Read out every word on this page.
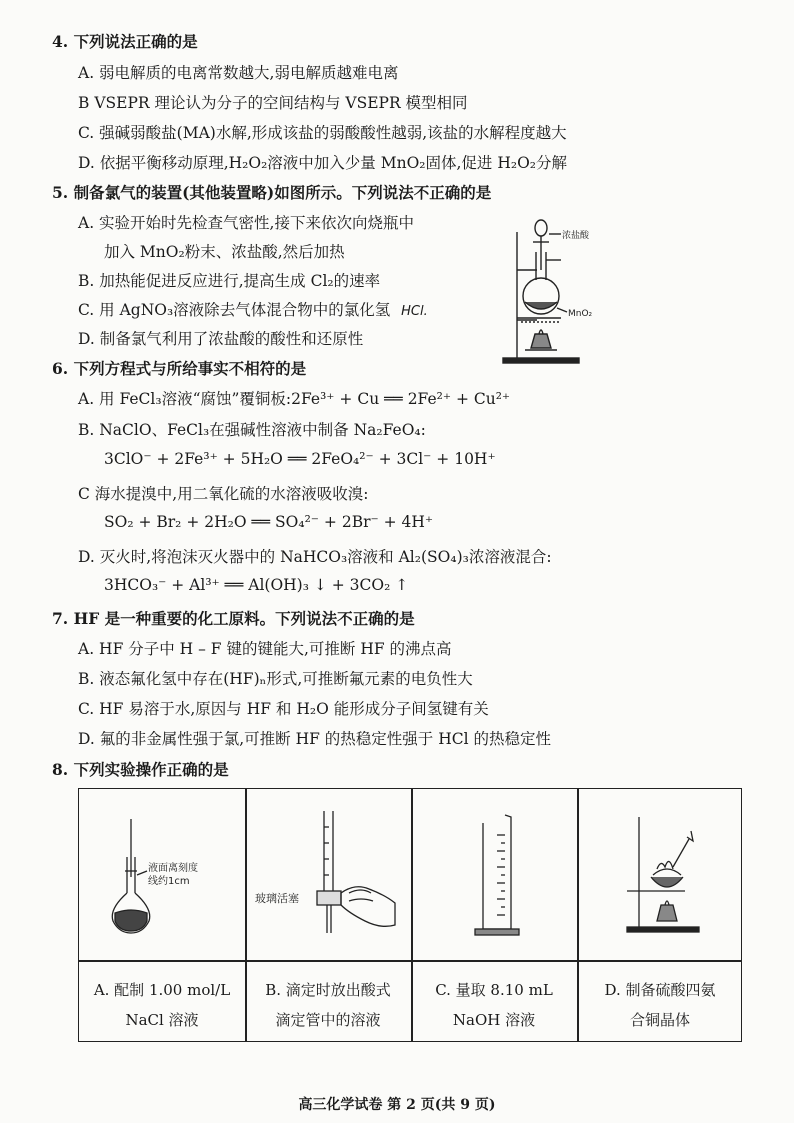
4. 下列说法正确的是
A. 弱电解质的电离常数越大,弱电解质越难电离
B VSEPR 理论认为分子的空间结构与 VSEPR 模型相同
C. 强碱弱酸盐(MA)水解,形成该盐的弱酸酸性越弱,该盐的水解程度越大
D. 依据平衡移动原理,H₂O₂溶液中加入少量 MnO₂固体,促进 H₂O₂分解
5. 制备氯气的装置(其他装置略)如图所示。下列说法不正确的是
A. 实验开始时先检查气密性,接下来依次向烧瓶中
加入 MnO₂粉末、浓盐酸,然后加热
B. 加热能促进反应进行,提高生成 Cl₂的速率
C. 用 AgNO₃溶液除去气体混合物中的氯化氢 HCl.
D. 制备氯气利用了浓盐酸的酸性和还原性
浓盐酸
MnO₂
6. 下列方程式与所给事实不相符的是
A. 用 FeCl₃溶液“腐蚀”覆铜板:2Fe³⁺ + Cu ══ 2Fe²⁺ + Cu²⁺
B. NaClO、FeCl₃在强碱性溶液中制备 Na₂FeO₄:
3ClO⁻ + 2Fe³⁺ + 5H₂O ══ 2FeO₄²⁻ + 3Cl⁻ + 10H⁺
C 海水提溴中,用二氧化硫的水溶液吸收溴:
SO₂ + Br₂ + 2H₂O ══ SO₄²⁻ + 2Br⁻ + 4H⁺
D. 灭火时,将泡沫灭火器中的 NaHCO₃溶液和 Al₂(SO₄)₃浓溶液混合:
3HCO₃⁻ + Al³⁺ ══ Al(OH)₃ ↓ + 3CO₂ ↑
7. HF 是一种重要的化工原料。下列说法不正确的是
A. HF 分子中 H – F 键的键能大,可推断 HF 的沸点高
B. 液态氟化氢中存在(HF)ₙ形式,可推断氟元素的电负性大
C. HF 易溶于水,原因与 HF 和 H₂O 能形成分子间氢键有关
D. 氟的非金属性强于氯,可推断 HF 的热稳定性强于 HCl 的热稳定性
8. 下列实验操作正确的是
液面离刻度
线约1cm
玻璃活塞
A. 配制 1.00 mol/L
NaCl 溶液
B. 滴定时放出酸式
滴定管中的溶液
C. 量取 8.10 mL
NaOH 溶液
D. 制备硫酸四氨
合铜晶体
高三化学试卷 第 2 页(共 9 页)
